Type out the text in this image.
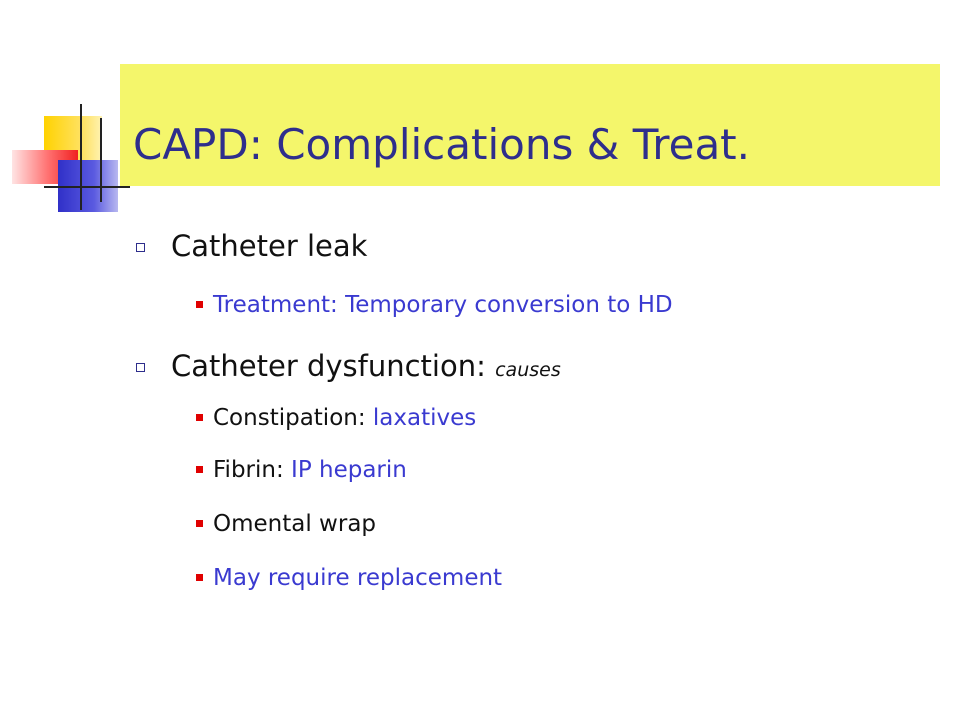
CAPD: Complications & Treat.
Catheter leak
Treatment: Temporary conversion to HD
Catheter dysfunction: causes
Constipation: laxatives
Fibrin: IP heparin
Omental wrap
May require replacement
